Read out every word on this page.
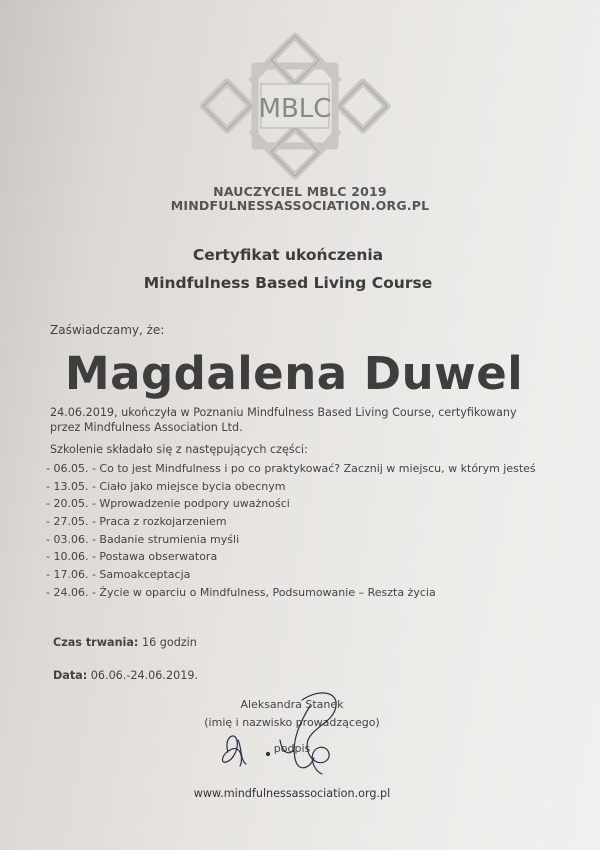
MBLC
NAUCZYCIEL MBLC 2019
MINDFULNESSASSOCIATION.ORG.PL
Certyfikat ukończenia
Mindfulness Based Living Course
Zaświadczamy, że:
Magdalena Duwel
24.06.2019, ukończyła w Poznaniu Mindfulness Based Living Course, certyfikowany przez Mindfulness Association Ltd.
Szkolenie składało się z następujących części:
- 06.05. - Co to jest Mindfulness i po co praktykować? Zacznij w miejscu, w którym jesteś
- 13.05. - Ciało jako miejsce bycia obecnym
- 20.05. - Wprowadzenie podpory uważności
- 27.05. - Praca z rozkojarzeniem
- 03.06. - Badanie strumienia myśli
- 10.06. - Postawa obserwatora
- 17.06. - Samoakceptacja
- 24.06. - Życie w oparciu o Mindfulness, Podsumowanie – Reszta życia
Czas trwania: 16 godzin
Data: 06.06.-24.06.2019.
Aleksandra Stanek
(imię i nazwisko prowadzącego)
podpis
www.mindfulnessassociation.org.pl
